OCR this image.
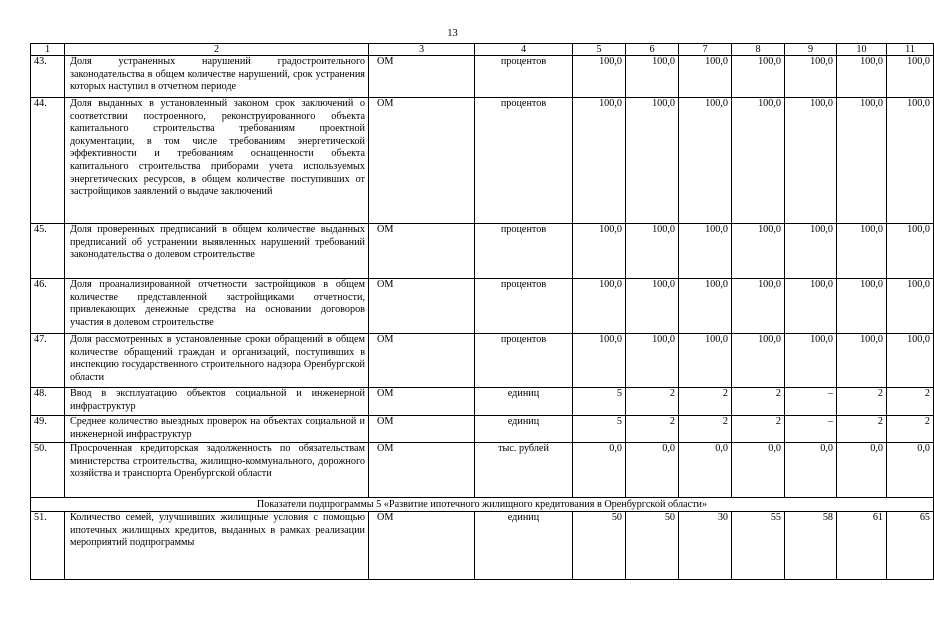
13
1	2	3	4	5	6	7	8	9	10	11
43.	Доля устраненных нарушений градостроительного законодательства в общем количестве нарушений, срок устранения которых наступил в отчетном периоде	ОМ	процентов	100,0	100,0	100,0	100,0	100,0	100,0	100,0
44.	Доля выданных в установленный законом срок заключений о соответствии построенного, реконструированного объекта капитального строительства требованиям проектной документации, в том числе требованиям энергетической эффективности и требованиям оснащенности объекта капитального строительства приборами учета используемых энергетических ресурсов, в общем количестве поступивших от застройщиков заявлений о выдаче заключений	ОМ	процентов	100,0	100,0	100,0	100,0	100,0	100,0	100,0
45.	Доля проверенных предписаний в общем количестве выданных предписаний об устранении выявленных нарушений требований законодательства о долевом строительстве	ОМ	процентов	100,0	100,0	100,0	100,0	100,0	100,0	100,0
46.	Доля проанализированной отчетности застройщиков в общем количестве представленной застройщиками отчетности, привлекающих денежные средства на основании договоров участия в долевом строительстве	ОМ	процентов	100,0	100,0	100,0	100,0	100,0	100,0	100,0
47.	Доля рассмотренных в установленные сроки обращений в общем количестве обращений граждан и организаций, поступивших в инспекцию государственного строительного надзора Оренбургской области	ОМ	процентов	100,0	100,0	100,0	100,0	100,0	100,0	100,0
48.	Ввод в эксплуатацию объектов социальной и инженерной инфраструктур	ОМ	единиц	5	2	2	2	–	2	2
49.	Среднее количество выездных проверок на объектах социальной и инженерной инфраструктур	ОМ	единиц	5	2	2	2	–	2	2
50.	Просроченная кредиторская задолженность по обязательствам министерства строительства, жилищно-коммунального, дорожного хозяйства и транспорта Оренбургской области	ОМ	тыс. рублей	0,0	0,0	0,0	0,0	0,0	0,0	0,0
Показатели подпрограммы 5 «Развитие ипотечного жилищного кредитования в Оренбургской области»										
51.	Количество семей, улучшивших жилищные условия с помощью ипотечных жилищных кредитов, выданных в рамках реализации мероприятий подпрограммы	ОМ	единиц	50	50	30	55	58	61	65
